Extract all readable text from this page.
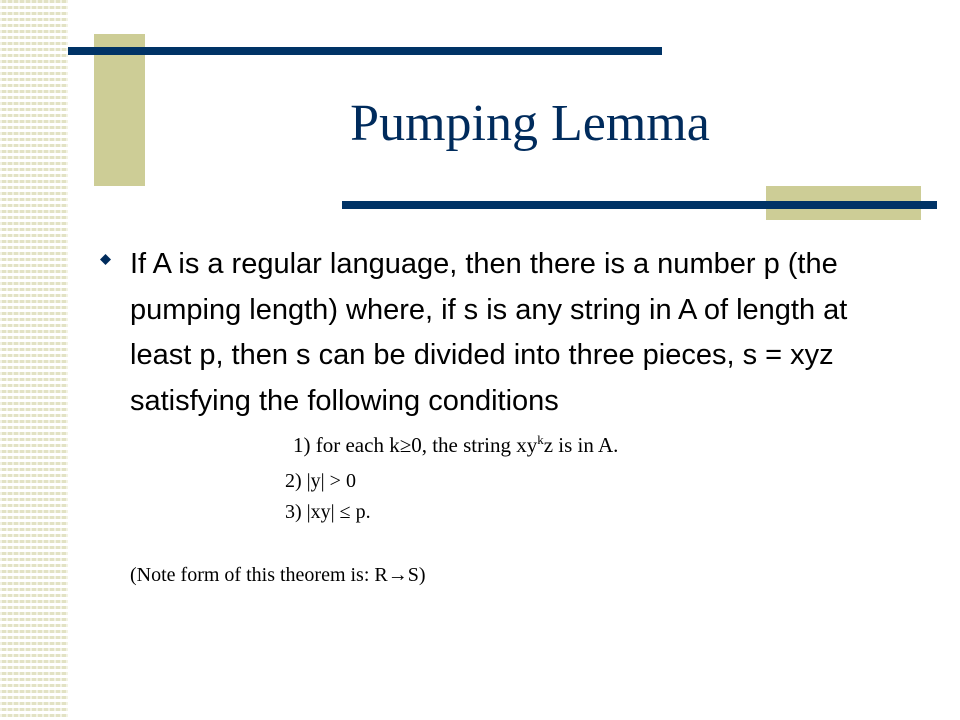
Pumping Lemma
If A is a regular language, then there is a number p (the pumping length) where, if s is any string in A of length at least p, then s can be divided into three pieces, s = xyz satisfying the following conditions
1) for each k≥0, the string $xy^kz$ is in A.
2) |y| > 0
3) |xy| ≤ p.
(Note form of this theorem is: R→S)
